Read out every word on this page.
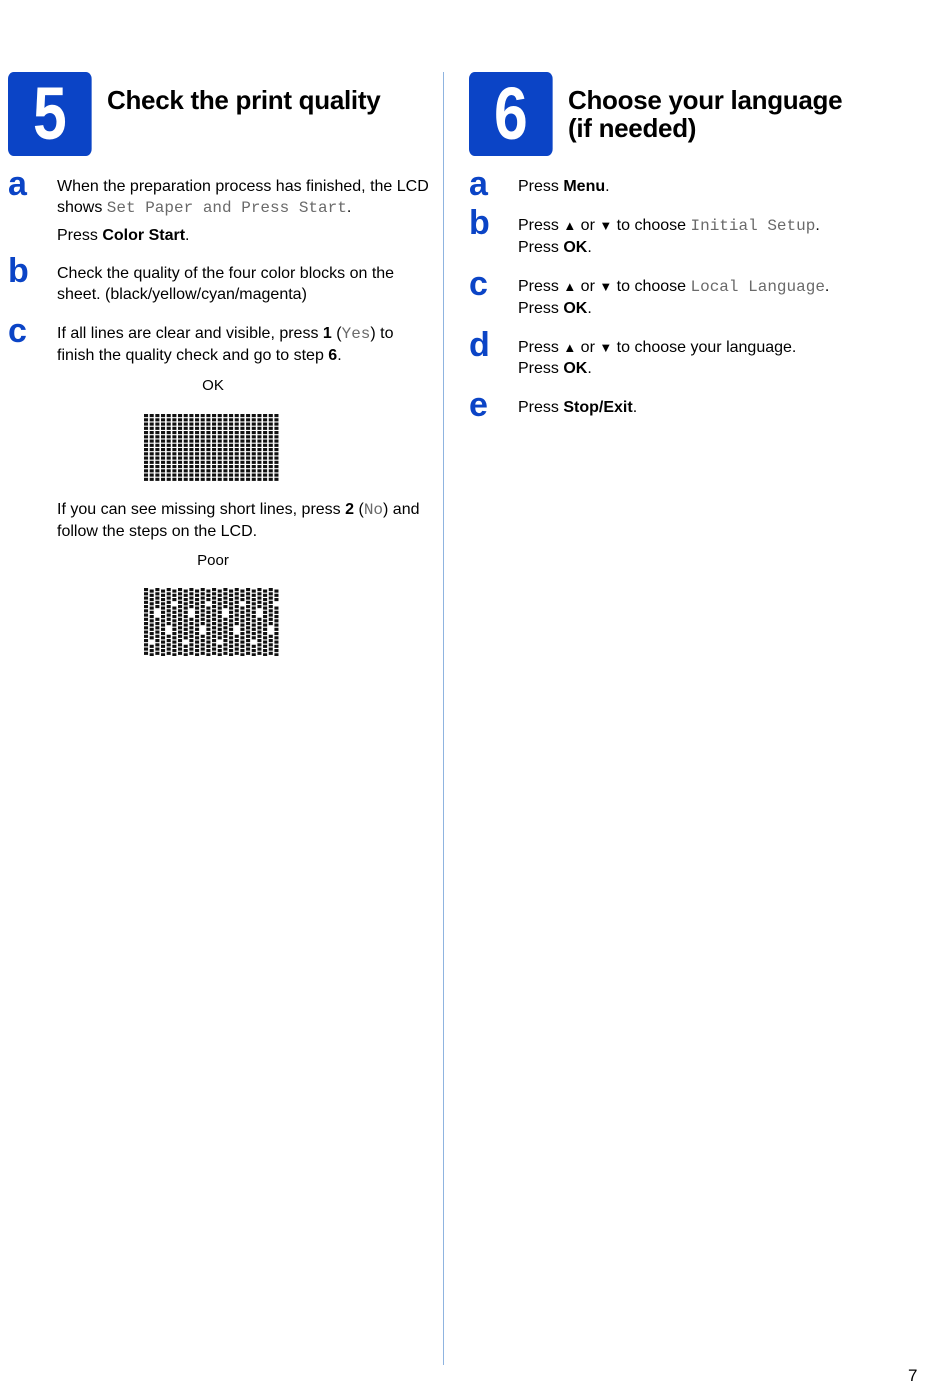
5	Check the print quality
a When the preparation process has finished, the LCD shows Set Paper and Press Start.

Press Color Start.

b Check the quality of the four color blocks on the sheet. (black/yellow/cyan/magenta)

c If all lines are clear and visible, press 1 (Yes) to finish the quality check and go to step 6.

OK

If you can see missing short lines, press 2 (No) and follow the steps on the LCD.

Poor
6	Choose your language
(if needed)
a Press Menu.

b Press ▲ or ▼ to choose Initial Setup.

Press OK.

c Press ▲ or ▼ to choose Local Language.

Press OK.

d Press ▲ or ▼ to choose your language.

Press OK.

e Press Stop/Exit.

7
